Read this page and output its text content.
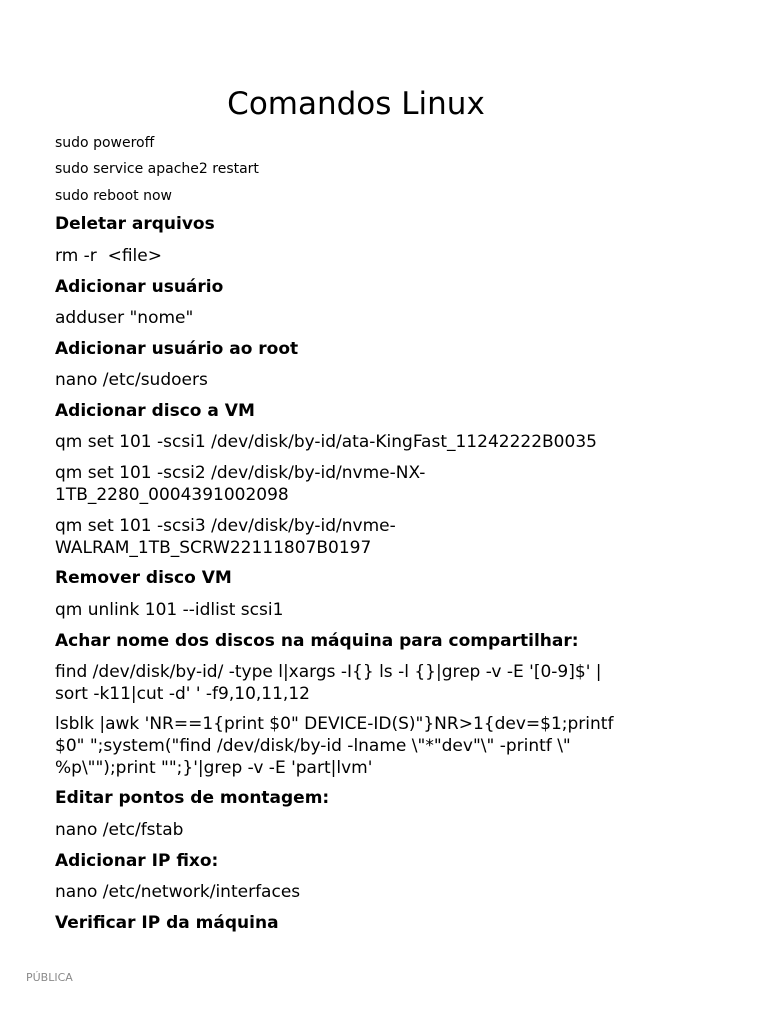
Comandos Linux

sudo poweroff

sudo service apache2 restart

sudo reboot now

Deletar arquivos

rm -r  <file>

Adicionar usuário

adduser "nome"

Adicionar usuário ao root

nano /etc/sudoers

Adicionar disco a VM

qm set 101 -scsi1 /dev/disk/by-id/ata-KingFast_11242222B0035

qm set 101 -scsi2 /dev/disk/by-id/nvme-NX-
1TB_2280_0004391002098

qm set 101 -scsi3 /dev/disk/by-id/nvme-
WALRAM_1TB_SCRW22111807B0197

Remover disco VM

qm unlink 101 --idlist scsi1

Achar nome dos discos na máquina para compartilhar:

find /dev/disk/by-id/ -type l|xargs -I{} ls -l {}|grep -v -E '[0-9]$' |
sort -k11|cut -d' ' -f9,10,11,12

lsblk |awk 'NR==1{print $0" DEVICE-ID(S)"}NR>1{dev=$1;printf
$0" ";system("find /dev/disk/by-id -lname \"*"dev"\" -printf \"
%p\"");print "";}'|grep -v -E 'part|lvm'

Editar pontos de montagem:

nano /etc/fstab

Adicionar IP fixo:

nano /etc/network/interfaces

Verificar IP da máquina

PÚBLICA
